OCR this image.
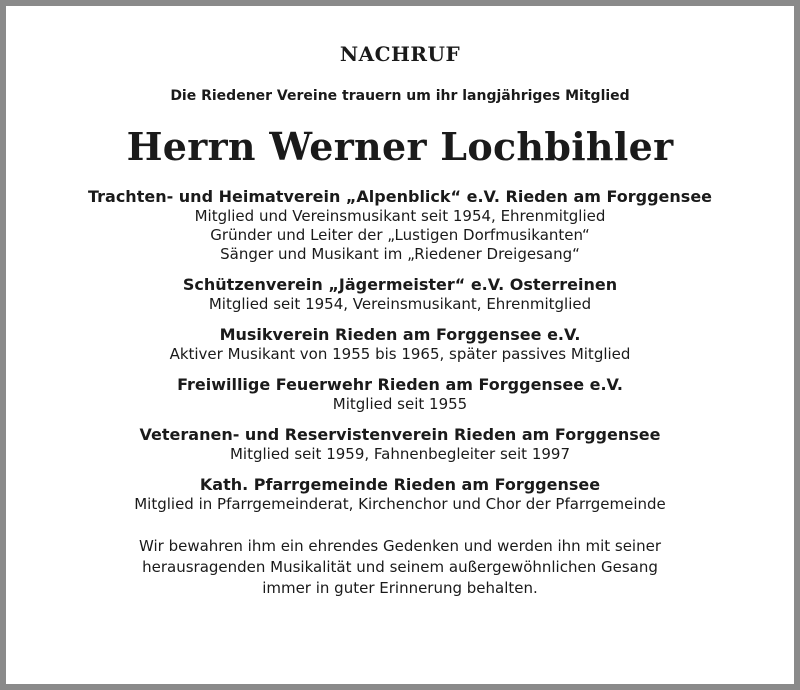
NACHRUF
Die Riedener Vereine trauern um ihr langjähriges Mitglied
Herrn Werner Lochbihler
Trachten- und Heimatverein „Alpenblick“ e.V. Rieden am Forggensee
Mitglied und Vereinsmusikant seit 1954, Ehrenmitglied
Gründer und Leiter der „Lustigen Dorfmusikanten“
Sänger und Musikant im „Riedener Dreigesang“
Schützenverein „Jägermeister“ e.V. Osterreinen
Mitglied seit 1954, Vereinsmusikant, Ehrenmitglied
Musikverein Rieden am Forggensee e.V.
Aktiver Musikant von 1955 bis 1965, später passives Mitglied
Freiwillige Feuerwehr Rieden am Forggensee e.V.
Mitglied seit 1955
Veteranen- und Reservistenverein Rieden am Forggensee
Mitglied seit 1959, Fahnenbegleiter seit 1997
Kath. Pfarrgemeinde Rieden am Forggensee
Mitglied in Pfarrgemeinderat, Kirchenchor und Chor der Pfarrgemeinde
Wir bewahren ihm ein ehrendes Gedenken und werden ihn mit seiner
herausragenden Musikalität und seinem außergewöhnlichen Gesang
immer in guter Erinnerung behalten.
